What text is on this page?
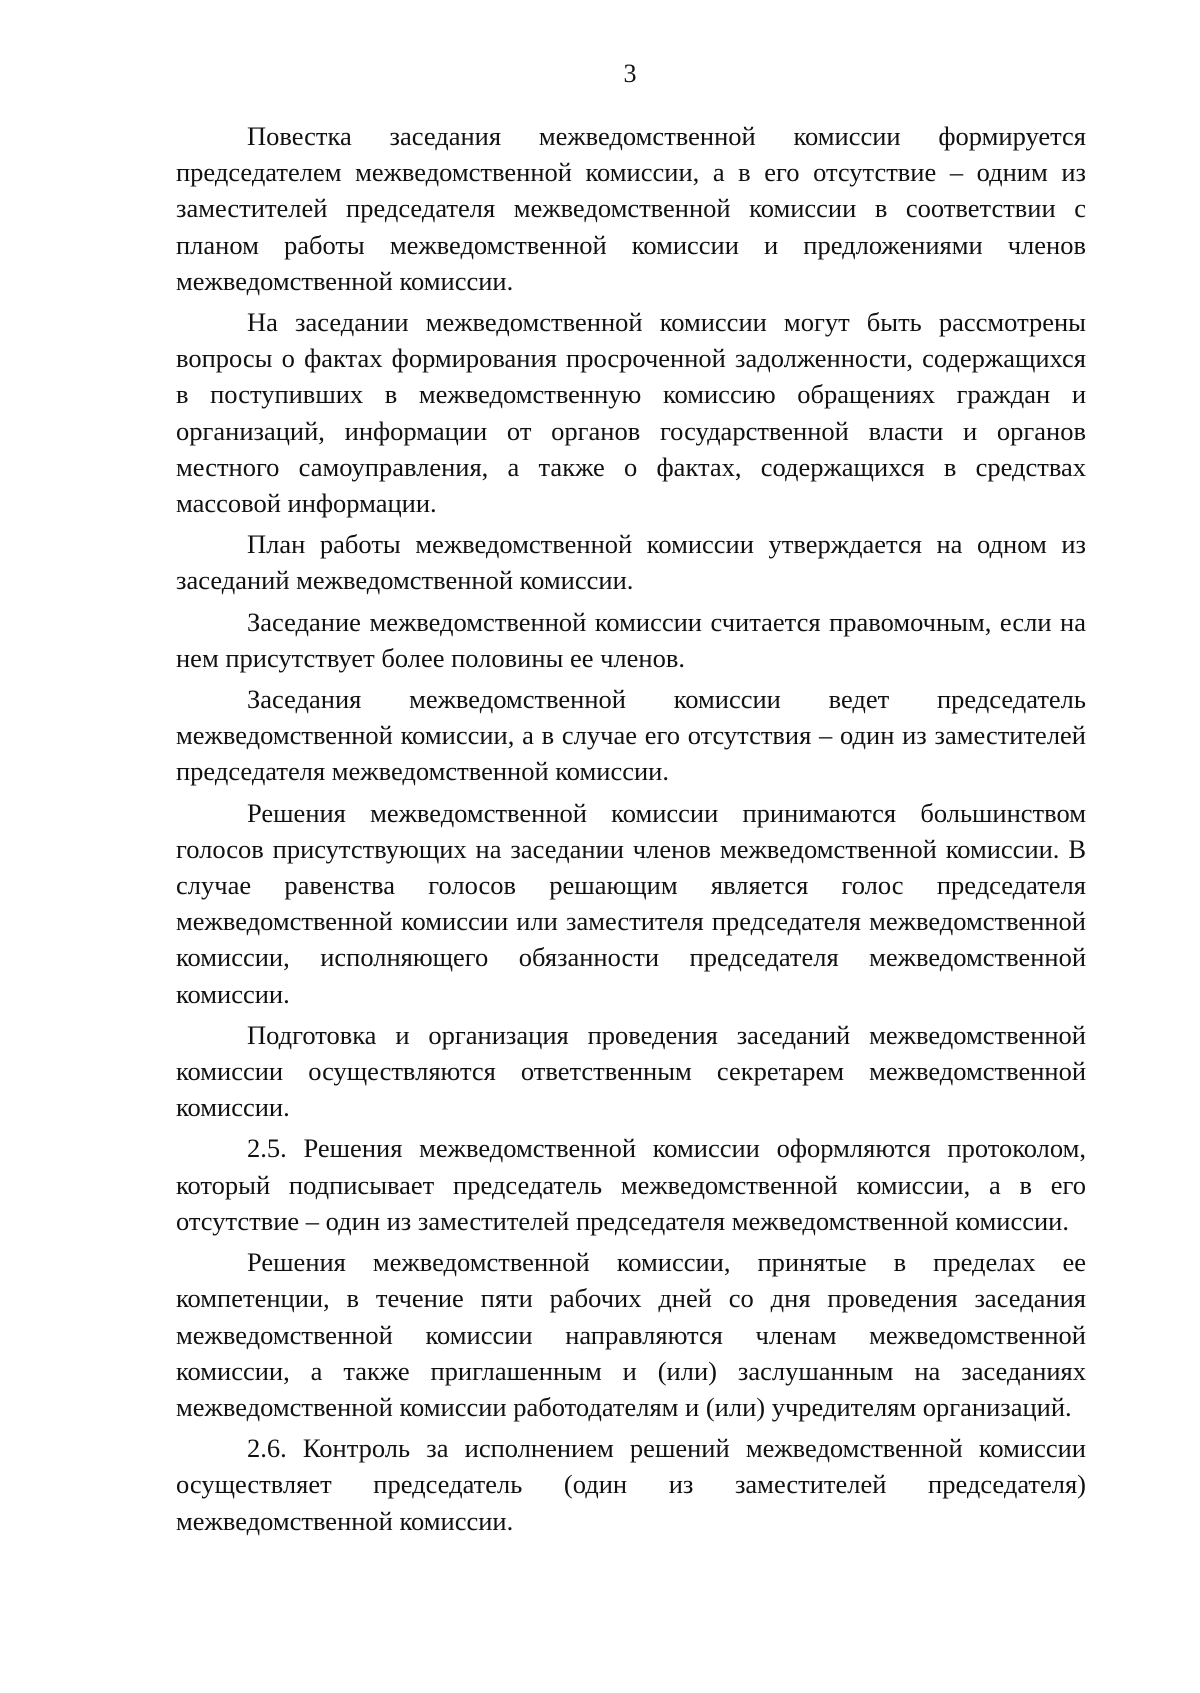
3

Повестка заседания межведомственной комиссии формируется председателем межведомственной комиссии, а в его отсутствие – одним из заместителей председателя межведомственной комиссии в соответствии с планом работы межведомственной комиссии и предложениями членов межведомственной комиссии.

На заседании межведомственной комиссии могут быть рассмотрены вопросы о фактах формирования просроченной задолженности, содержащихся в поступивших в межведомственную комиссию обращениях граждан и организаций, информации от органов государственной власти и органов местного самоуправления, а также о фактах, содержащихся в средствах массовой информации.

План работы межведомственной комиссии утверждается на одном из заседаний межведомственной комиссии.

Заседание межведомственной комиссии считается правомочным, если на нем присутствует более половины ее членов.

Заседания межведомственной комиссии ведет председатель межведомственной комиссии, а в случае его отсутствия – один из заместителей председателя межведомственной комиссии.

Решения межведомственной комиссии принимаются большинством голосов присутствующих на заседании членов межведомственной комиссии. В случае равенства голосов решающим является голос председателя межведомственной комиссии или заместителя председателя межведомственной комиссии, исполняющего обязанности председателя межведомственной комиссии.

Подготовка и организация проведения заседаний межведомственной комиссии осуществляются ответственным секретарем межведомственной комиссии.

2.5. Решения межведомственной комиссии оформляются протоколом, который подписывает председатель межведомственной комиссии, а в его отсутствие – один из заместителей председателя межведомственной комиссии.

Решения межведомственной комиссии, принятые в пределах ее компетенции, в течение пяти рабочих дней со дня проведения заседания межведомственной комиссии направляются членам межведомственной комиссии, а также приглашенным и (или) заслушанным на заседаниях межведомственной комиссии работодателям и (или) учредителям организаций.

2.6. Контроль за исполнением решений межведомственной комиссии осуществляет председатель (один из заместителей председателя) межведомственной комиссии.
